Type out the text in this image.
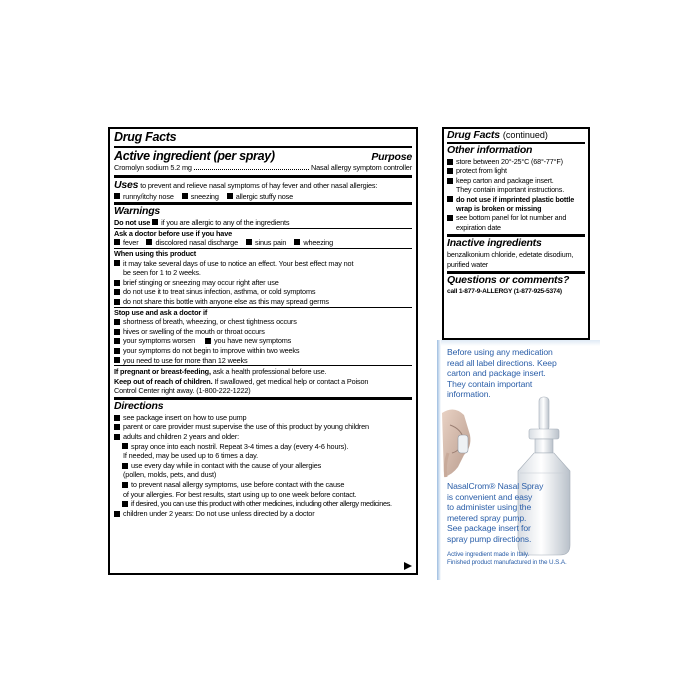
Drug Facts
Active ingredient (per spray)	Purpose
Cromolyn sodium 5.2 mg	Nasal allergy symptom controller
Uses to prevent and relieve nasal symptoms of hay fever and other nasal allergies:
runny/itchy nose	sneezing	allergic stuffy nose
Warnings
Do not use if you are allergic to any of the ingredients
Ask a doctor before use if you have
fever	discolored nasal discharge	sinus pain	wheezing
When using this product
it may take several days of use to notice an effect. Your best effect may not
be seen for 1 to 2 weeks.
brief stinging or sneezing may occur right after use
do not use it to treat sinus infection, asthma, or cold symptoms
do not share this bottle with anyone else as this may spread germs
Stop use and ask a doctor if
shortness of breath, wheezing, or chest tightness occurs
hives or swelling of the mouth or throat occurs
your symptoms worsen	you have new symptoms
your symptoms do not begin to improve within two weeks
you need to use for more than 12 weeks
If pregnant or breast-feeding, ask a health professional before use.
Keep out of reach of children. If swallowed, get medical help or contact a Poison
Control Center right away. (1-800-222-1222)
Directions
see package insert on how to use pump
parent or care provider must supervise the use of this product by young children
adults and children 2 years and older:
spray once into each nostril. Repeat 3-4 times a day (every 4-6 hours).
If needed, may be used up to 6 times a day.
use every day while in contact with the cause of your allergies
(pollen, molds, pets, and dust)
to prevent nasal allergy symptoms, use before contact with the cause
of your allergies. For best results, start using up to one week before contact.
if desired, you can use this product with other medicines, including other allergy medicines.
children under 2 years: Do not use unless directed by a doctor
Drug Facts (continued)
Other information
store between 20°-25°C (68°-77°F)
protect from light
keep carton and package insert.
They contain important instructions.
do not use if imprinted plastic bottle
wrap is broken or missing
see bottom panel for lot number and
expiration date
Inactive ingredients
benzalkonium chloride, edetate disodium,
purified water
Questions or comments?
call 1-877-9-ALLERGY (1-877-925-5374)
Before using any medication
read all label directions. Keep
carton and package insert.
They contain important
information.
NasalCrom® Nasal Spray
is convenient and easy
to administer using the
metered spray pump.
See package insert for
spray pump directions.
Active ingredient made in Italy.
Finished product manufactured in the U.S.A.
